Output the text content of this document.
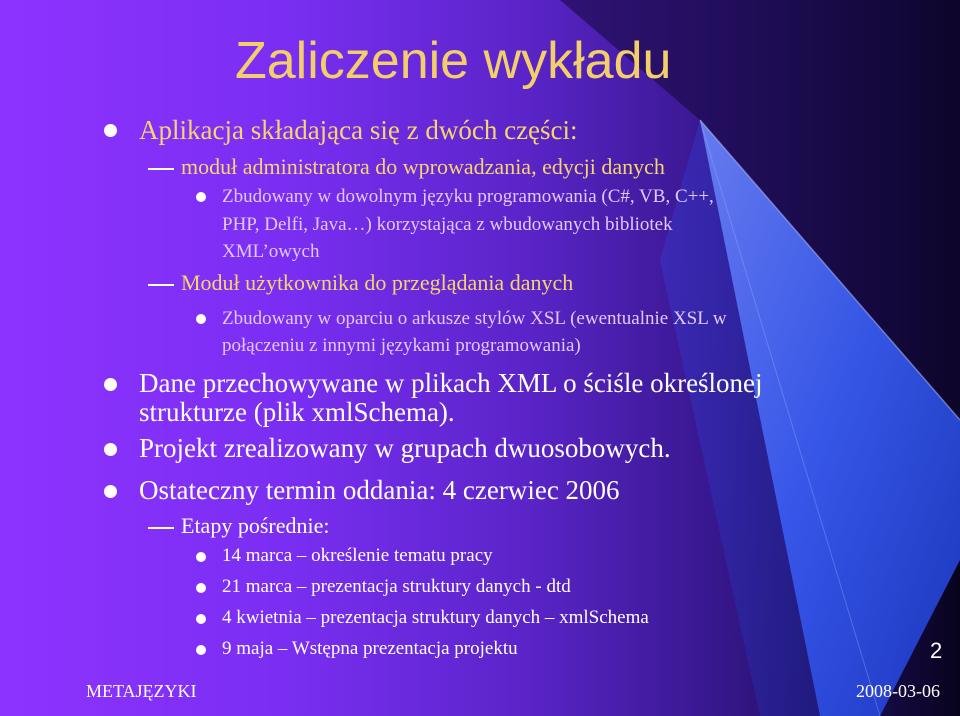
Zaliczenie wykładu
Aplikacja składająca się z dwóch części:
moduł administratora do wprowadzania, edycji danych
Zbudowany w dowolnym języku programowania (C#, VB, C++,
PHP, Delfi, Java…) korzystająca z wbudowanych bibliotek
XML’owych
Moduł użytkownika do przeglądania danych
Zbudowany w oparciu o arkusze stylów XSL (ewentualnie XSL w
połączeniu z innymi językami programowania)
Dane przechowywane w plikach XML o ściśle określonej
strukturze (plik xmlSchema).
Projekt zrealizowany w grupach dwuosobowych.
Ostateczny termin oddania: 4 czerwiec 2006
Etapy pośrednie:
14 marca – określenie tematu pracy
21 marca – prezentacja struktury danych - dtd
4 kwietnia – prezentacja struktury danych – xmlSchema
9 maja – Wstępna prezentacja projektu	2
METAJĘZYKI	2008-03-06
